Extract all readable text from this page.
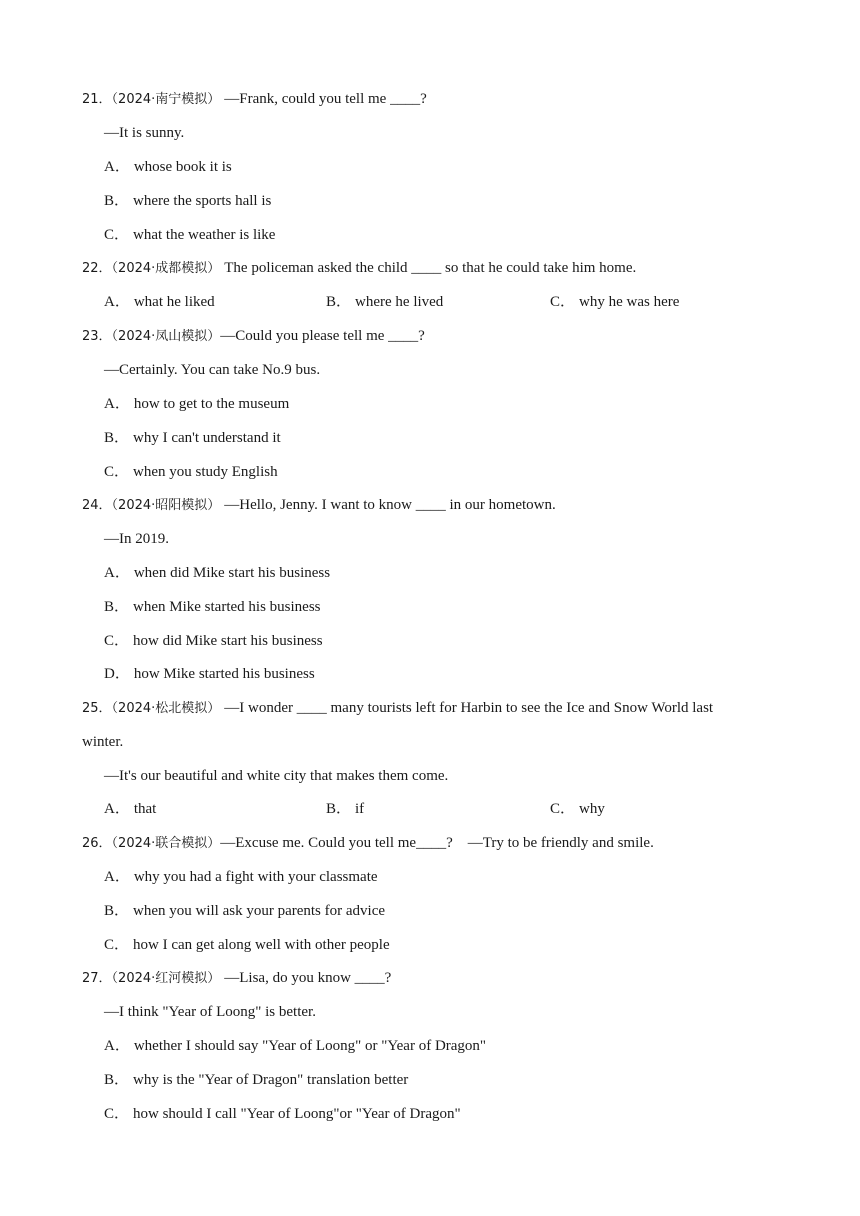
21．（2024·南宁模拟） —Frank, could you tell me ____?
—It is sunny.
A． whose book it is
B． where the sports hall is
C． what the weather is like
22．（2024·成都模拟） The policeman asked the child ____ so that he could take him home.
A． what he liked	B． where he lived	C． why he was here
23．（2024·凤山模拟）—Could you please tell me ____?
—Certainly. You can take No.9 bus.
A． how to get to the museum
B． why I can't understand it
C． when you study English
24．（2024·昭阳模拟） —Hello, Jenny. I want to know ____ in our hometown.
—In 2019.
A． when did Mike start his business
B． when Mike started his business
C． how did Mike start his business
D． how Mike started his business
25．（2024·松北模拟） —I wonder ____ many tourists left for Harbin to see the Ice and Snow World last
winter.
—It's our beautiful and white city that makes them come.
A． that	B． if	C． why
26．（2024·联合模拟）—Excuse me. Could you tell me____?    —Try to be friendly and smile.
A． why you had a fight with your classmate
B． when you will ask your parents for advice
C． how I can get along well with other people
27．（2024·红河模拟） —Lisa, do you know ____?
—I think "Year of Loong" is better.
A． whether I should say "Year of Loong" or "Year of Dragon"
B． why is the "Year of Dragon" translation better
C． how should I call "Year of Loong"or "Year of Dragon"
